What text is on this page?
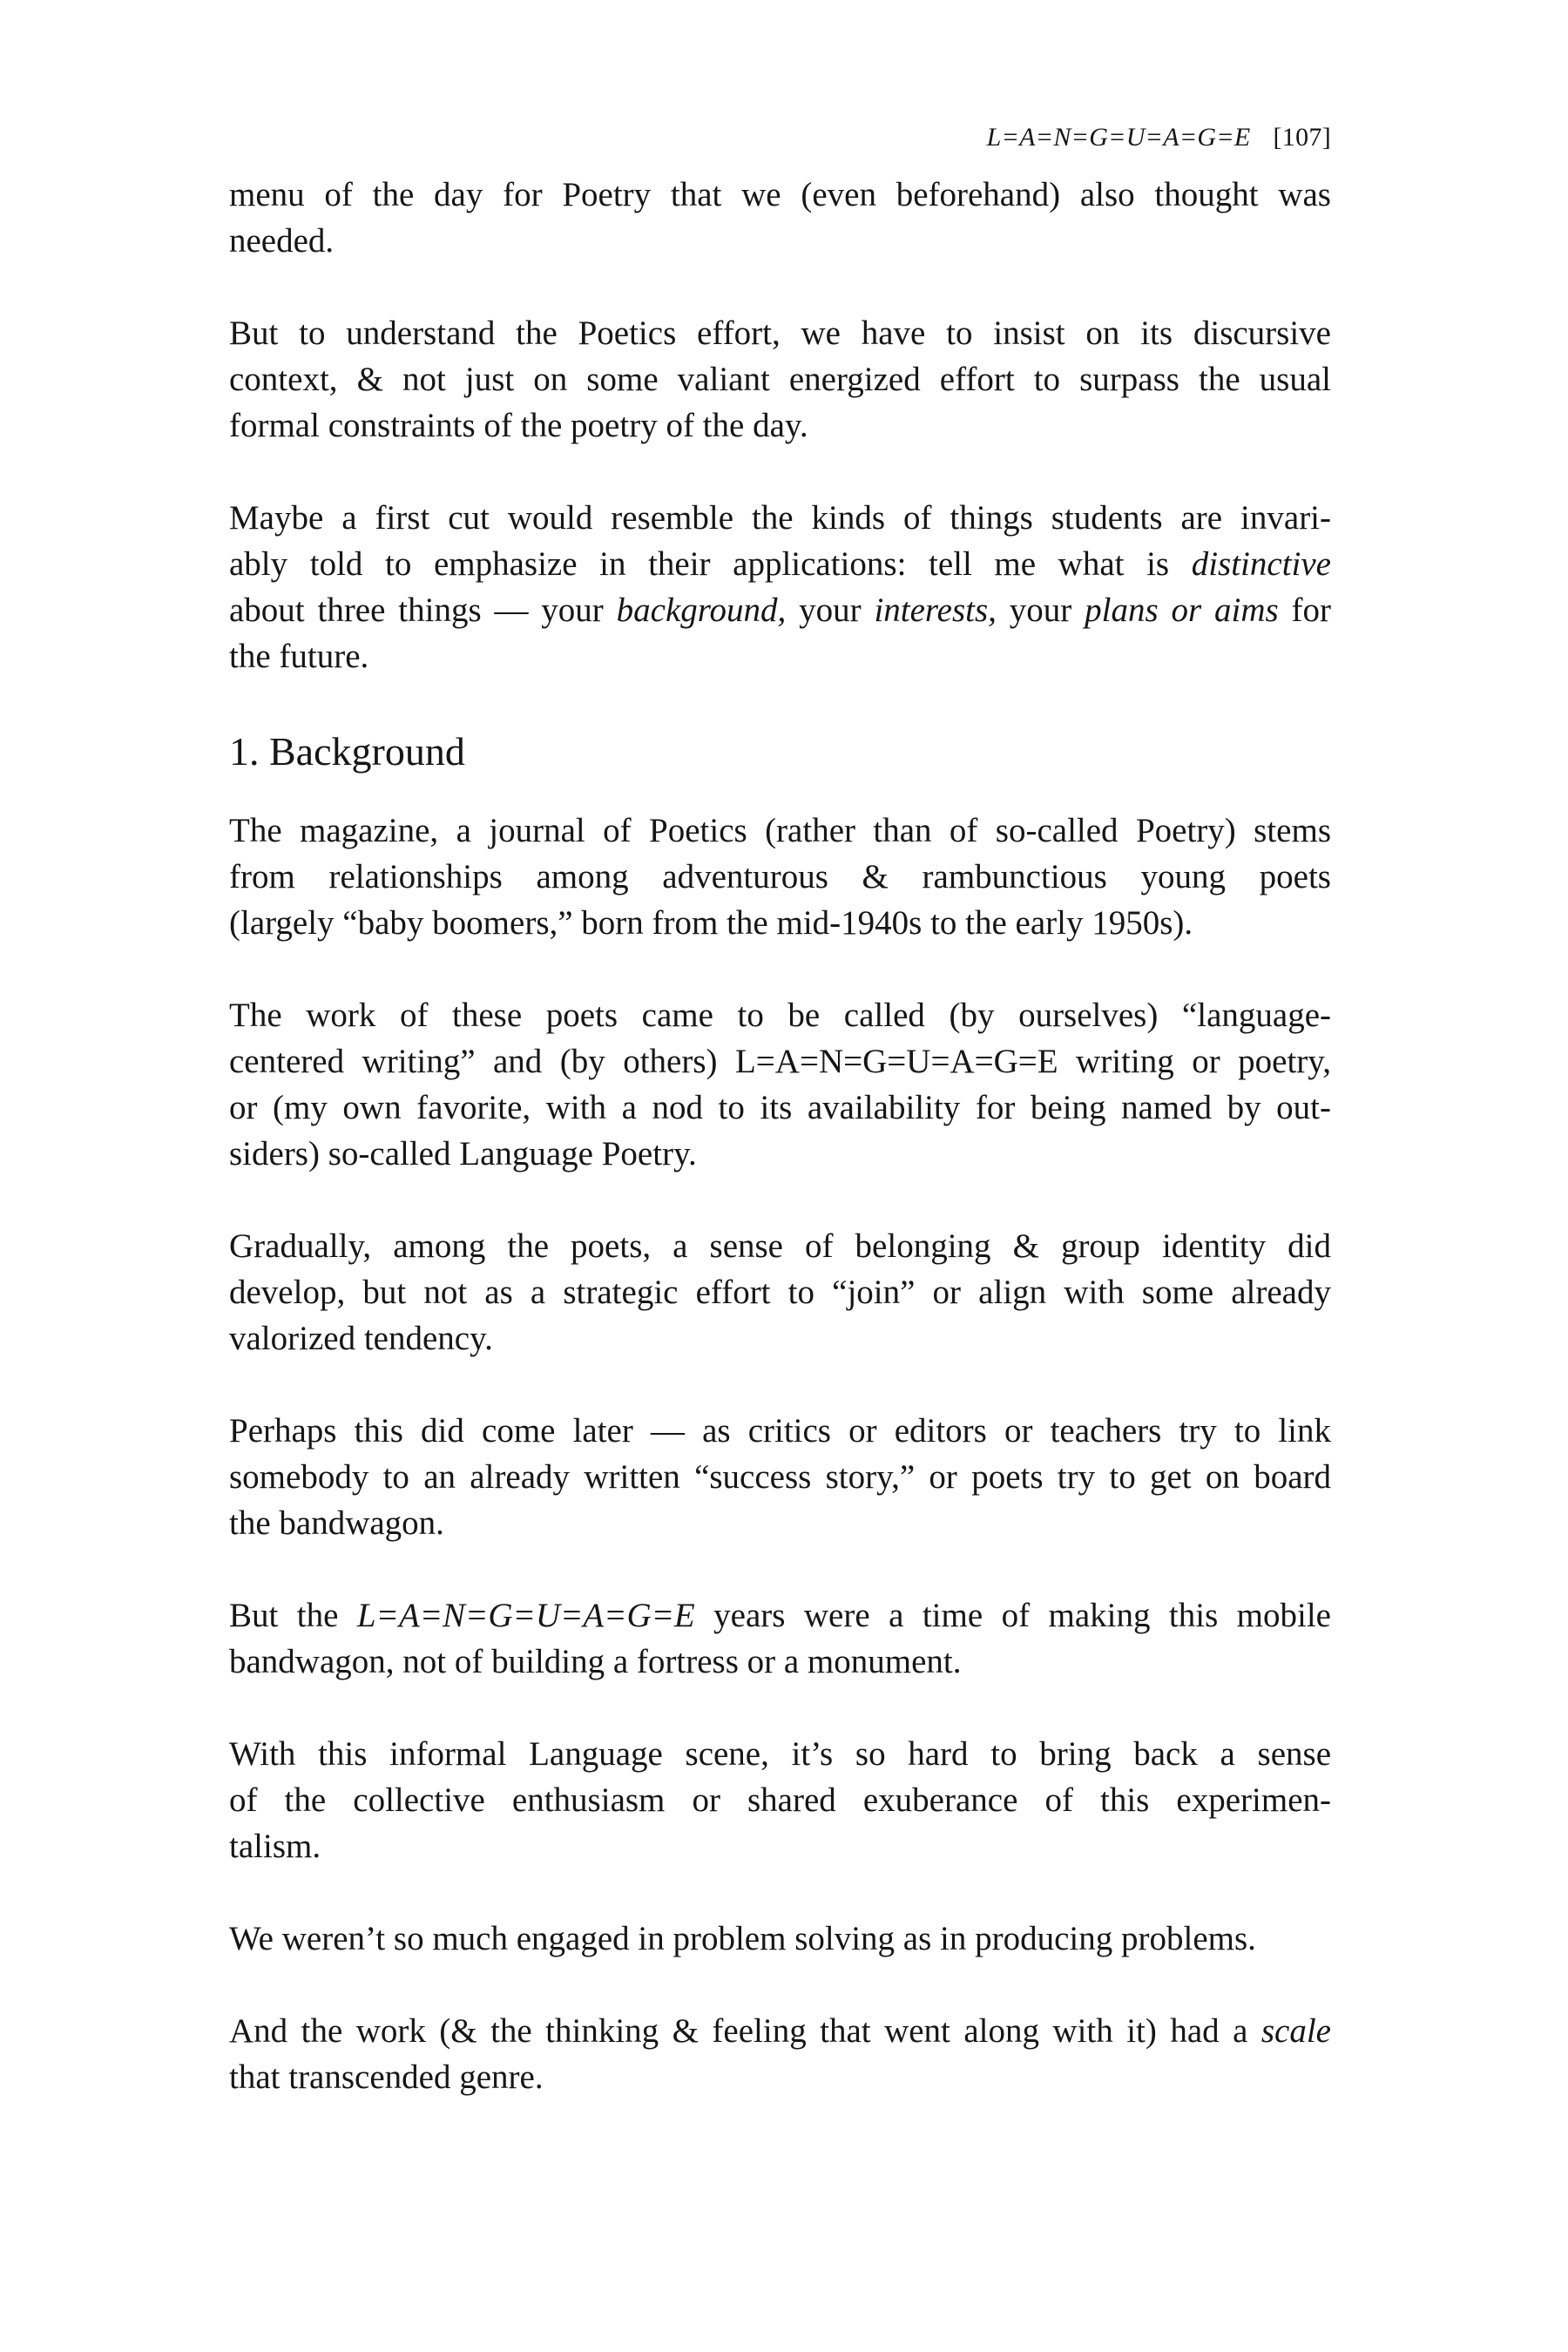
L=A=N=G=U=A=G=E [107]
menu of the day for Poetry that we (even beforehand) also thought was
needed.
But to understand the Poetics effort, we have to insist on its discursive
context, & not just on some valiant energized effort to surpass the usual
formal constraints of the poetry of the day.
Maybe a first cut would resemble the kinds of things students are invari-
ably told to emphasize in their applications: tell me what is distinctive
about three things — your background, your interests, your plans or aims for
the future.
1. Background
The magazine, a journal of Poetics (rather than of so-called Poetry) stems
from relationships among adventurous & rambunctious young poets
(largely “baby boomers,” born from the mid-1940s to the early 1950s).
The work of these poets came to be called (by ourselves) “language-
centered writing” and (by others) L=A=N=G=U=A=G=E writing or poetry,
or (my own favorite, with a nod to its availability for being named by out-
siders) so-called Language Poetry.
Gradually, among the poets, a sense of belonging & group identity did
develop, but not as a strategic effort to “join” or align with some already
valorized tendency.
Perhaps this did come later — as critics or editors or teachers try to link
somebody to an already written “success story,” or poets try to get on board
the bandwagon.
But the L=A=N=G=U=A=G=E years were a time of making this mobile
bandwagon, not of building a fortress or a monument.
With this informal Language scene, it’s so hard to bring back a sense
of the collective enthusiasm or shared exuberance of this experimen-
talism.
We weren’t so much engaged in problem solving as in producing problems.
And the work (& the thinking & feeling that went along with it) had a scale
that transcended genre.
